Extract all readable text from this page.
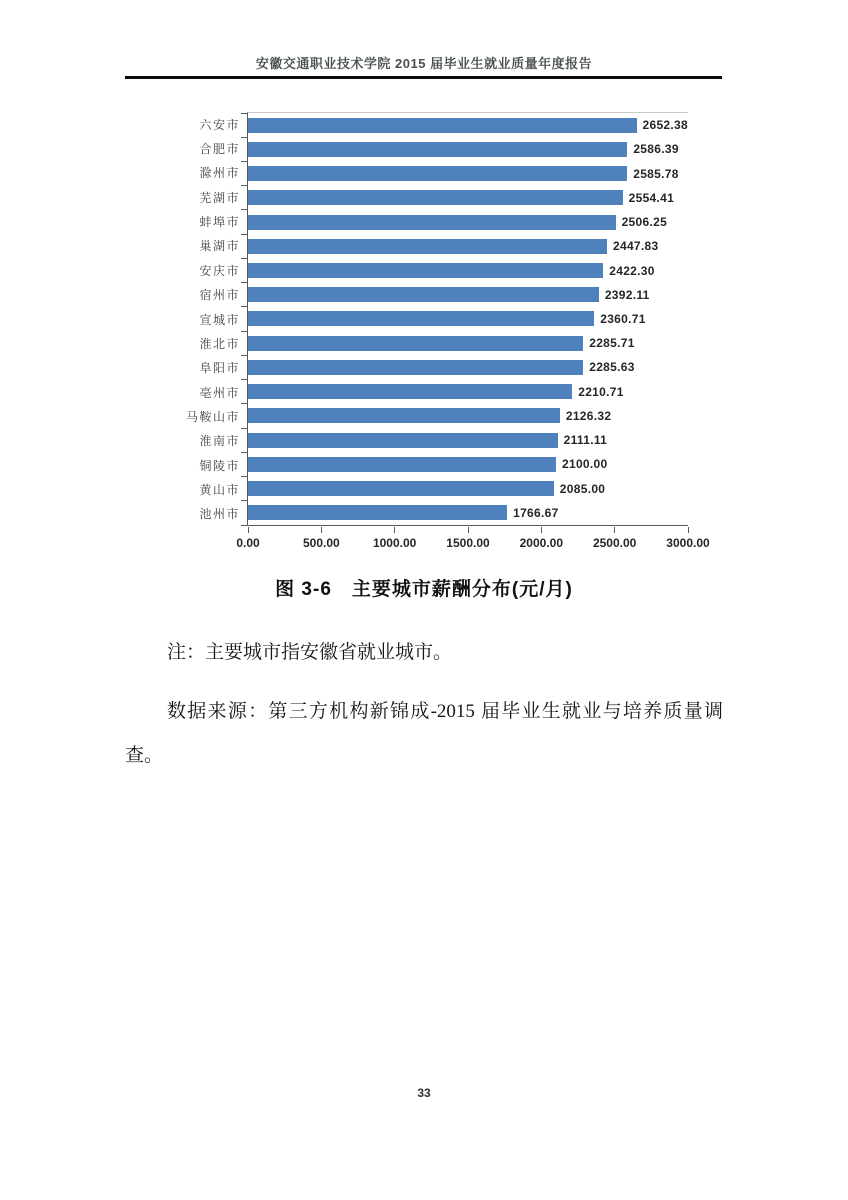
安徽交通职业技术学院 2015 届毕业生就业质量年度报告
六安市
合肥市
滁州市
芜湖市
蚌埠市
巢湖市
安庆市
宿州市
宣城市
淮北市
阜阳市
亳州市
马鞍山市
淮南市
铜陵市
黄山市
池州市
2652.38
2586.39
2585.78
2554.41
2506.25
2447.83
2422.30
2392.11
2360.71
2285.71
2285.63
2210.71
2126.32
2111.11
2100.00
2085.00
1766.67
0.00	500.00	1000.00 1500.00 2000.00 2500.00 3000.00
图 3-6　主要城市薪酬分布(元/月)

注：主要城市指安徽省就业城市。

数据来源：第三方机构新锦成-2015 届毕业生就业与培养质量调查。

33
